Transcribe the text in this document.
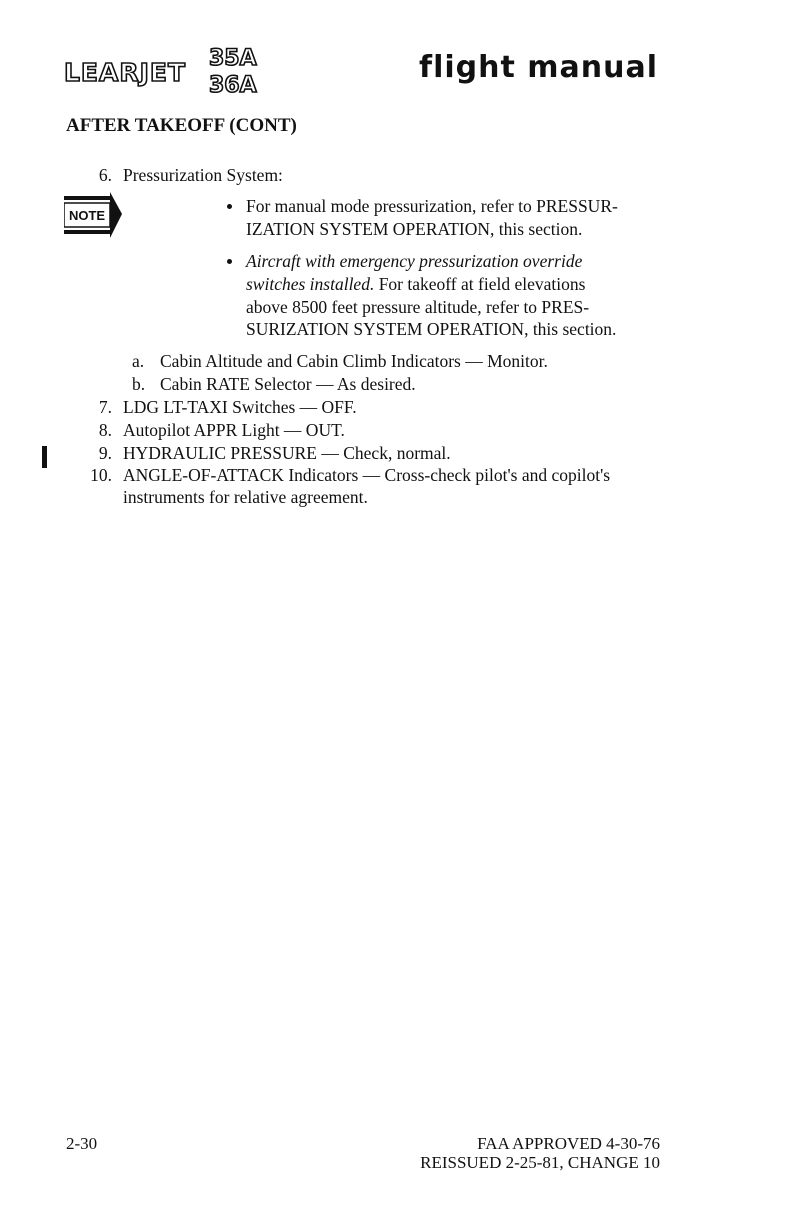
LEARJET 35A
36A
flight manual
AFTER TAKEOFF (CONT)
6. Pressurization System:
NOTE	For manual mode pressurization, refer to PRESSUR-
IZATION SYSTEM OPERATION, this section.
Aircraft with emergency pressurization override
switches installed. For takeoff at field elevations
above 8500 feet pressure altitude, refer to PRES-
SURIZATION SYSTEM OPERATION, this section.
a. Cabin Altitude and Cabin Climb Indicators — Monitor.
b. Cabin RATE Selector — As desired.
7. LDG LT-TAXI Switches — OFF.
8. Autopilot APPR Light — OUT.
9. HYDRAULIC PRESSURE — Check, normal.
10. ANGLE-OF-ATTACK Indicators — Cross-check pilot's and copilot's
instruments for relative agreement.
2-30	FAA APPROVED 4-30-76
REISSUED 2-25-81, CHANGE 10
